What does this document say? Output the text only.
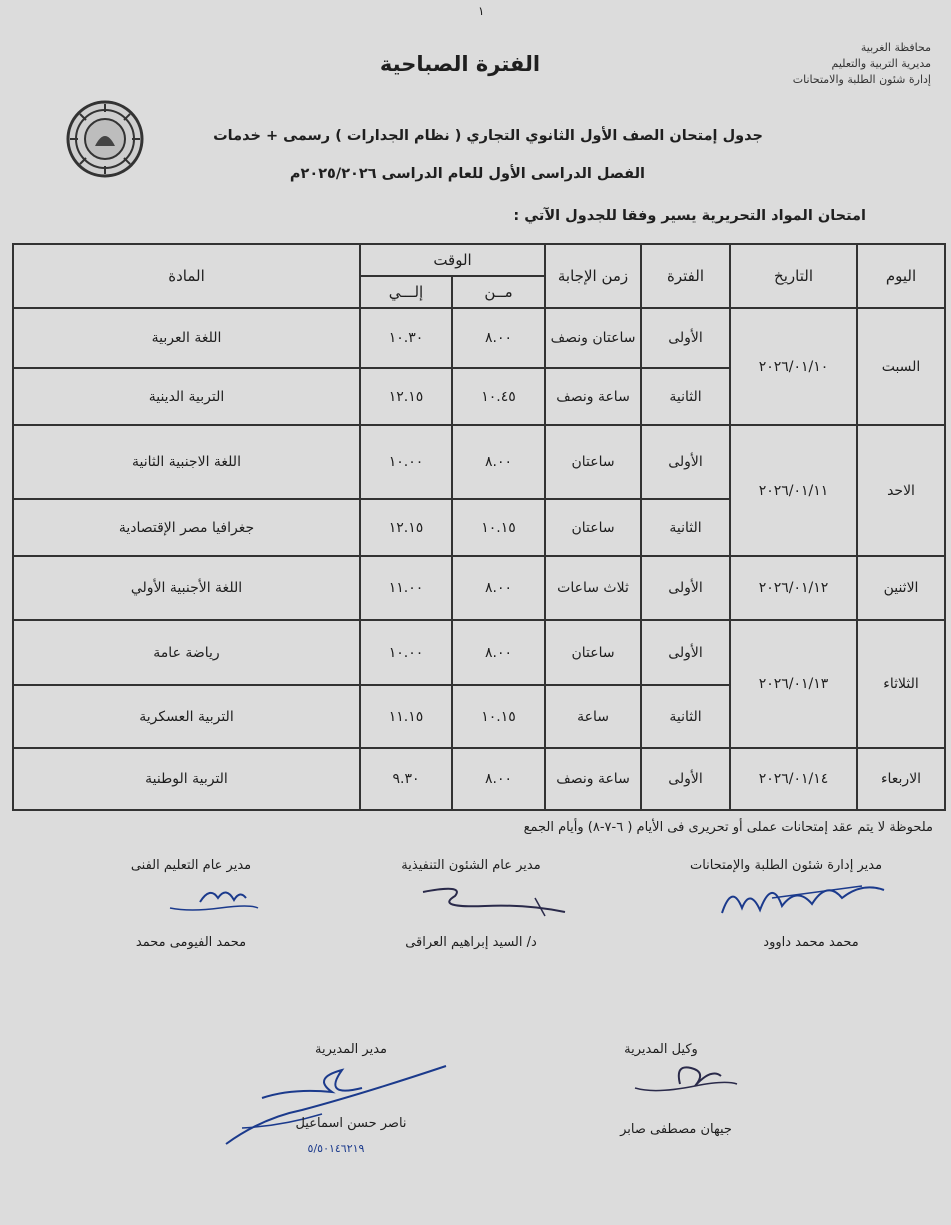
١
الفترة الصباحية
محافظة الغربية
مديرية التربية والتعليم
إدارة شئون الطلبة والامتحانات
جدول إمتحان الصف الأول الثانوي التجاري ( نظام الجدارات ) رسمى + خدمات
الفصل الدراسى الأول للعام الدراسى ٢٠٢٥/٢٠٢٦م
امتحان المواد التحريرية يسير وفقا للجدول الآتي :
اليوم	التاريخ	الفترة	زمن الإجابة	الوقت		المادة
				مــن	إلـــي	
السبت	٢٠٢٦/٠١/١٠	الأولى	ساعتان ونصف	٨.٠٠	١٠.٣٠	اللغة العربية
		الثانية	ساعة ونصف	١٠.٤٥	١٢.١٥	التربية الدينية
الاحد	٢٠٢٦/٠١/١١	الأولى	ساعتان	٨.٠٠	١٠.٠٠	اللغة الاجنبية الثانية
		الثانية	ساعتان	١٠.١٥	١٢.١٥	جغرافيا مصر الإقتصادية
الاثنين	٢٠٢٦/٠١/١٢	الأولى	ثلاث ساعات	٨.٠٠	١١.٠٠	اللغة الأجنبية الأولي
الثلاثاء	٢٠٢٦/٠١/١٣	الأولى	ساعتان	٨.٠٠	١٠.٠٠	رياضة عامة
		الثانية	ساعة	١٠.١٥	١١.١٥	التربية العسكرية
الاربعاء	٢٠٢٦/٠١/١٤	الأولى	ساعة ونصف	٨.٠٠	٩.٣٠	التربية الوطنية
ملحوظة لا يتم عقد إمتحانات عملى أو تحريرى فى الأيام ( ٦-٧-٨) وأيام الجمع
مدير إدارة شئون الطلبة والإمتحانات
محمد محمد داوود
مدير عام الشئون التنفيذية
د/ السيد إبراهيم العراقى
مدير عام التعليم الفنى
محمد الفيومى محمد
وكيل المديرية
جيهان مصطفى صابر
مدير المديرية
ناصر حسن اسماعيل
٥/٥٠١٤٦٢١٩
